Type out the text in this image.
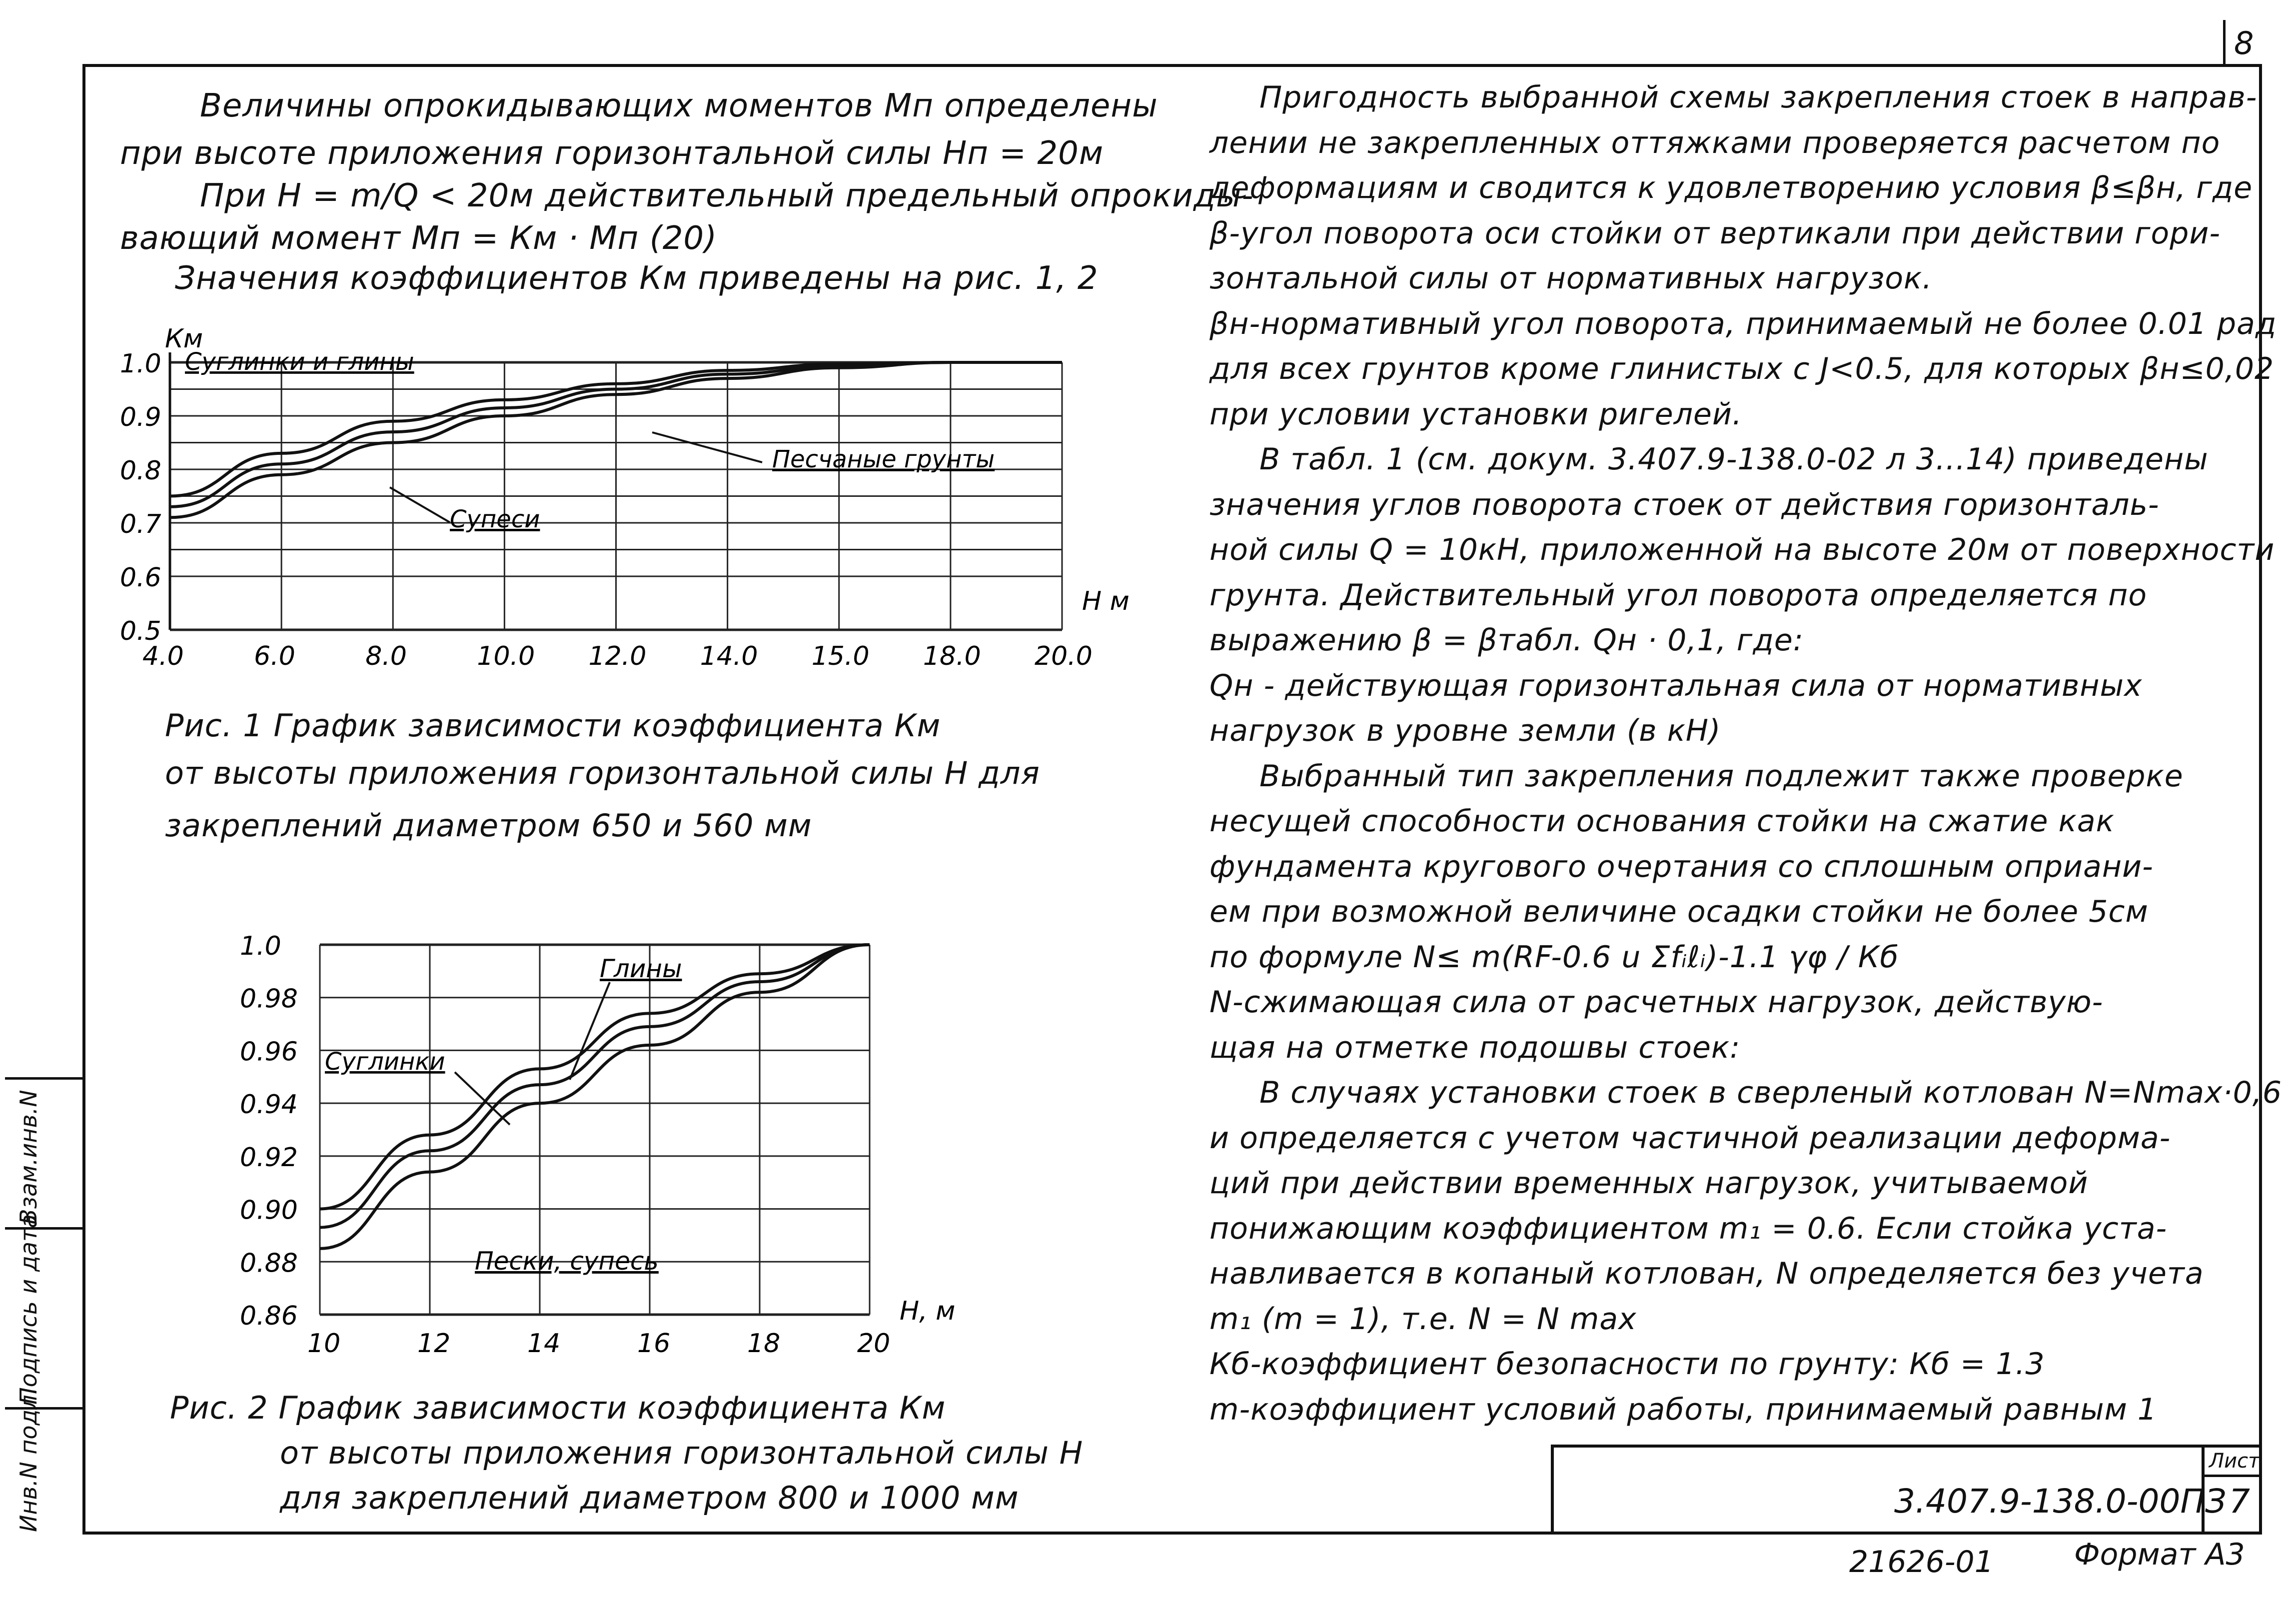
8
Величины опрокидывающих моментов Мп определены
при высоте приложения горизонтальной силы Нп = 20м
При Н = m/Q < 20м действительный предельный опрокиды-
вающий момент Мп = Км · Мп (20)
Значения коэффициентов Км приведены на рис. 1, 2
1.0
0.9
0.8
0.7
0.6
0.5
Км
4.0	6.0	8.0	10.0 12.0 14.0 15.0 18.0 20.0
Н м
Суглинки и глины
Песчаные грунты
Супеси
Рис. 1 График зависимости коэффициента Км
от высоты приложения горизонтальной силы Н для
закреплений диаметром 650 и 560 мм
1.0
0.98
0.96
0.94
0.92
0.90
0.88
0.86
10	12	14	16	18	20
Н, м
Глины
Суглинки
Пески, супесь
Рис. 2 График зависимости коэффициента Км
от высоты приложения горизонтальной силы Н
для закреплений диаметром 800 и 1000 мм
Пригодность выбранной схемы закрепления стоек в направ-
лении не закрепленных оттяжками проверяется расчетом по
деформациям и сводится к удовлетворению условия β≤βн, где
β-угол поворота оси стойки от вертикали при действии гори-
зонтальной силы от нормативных нагрузок.
βн-нормативный угол поворота, принимаемый не более 0.01 рад
для всех грунтов кроме глинистых с J<0.5, для которых βн≤0,02
при условии установки ригелей.
В табл. 1 (см. докум. 3.407.9-138.0-02 л 3...14) приведены
значения углов поворота стоек от действия горизонталь-
ной силы Q = 10кН, приложенной на высоте 20м от поверхности
грунта. Действительный угол поворота определяется по
выражению β = βтабл. Qн · 0,1, где:
Qн - действующая горизонтальная сила от нормативных
нагрузок в уровне земли (в кН)
Выбранный тип закрепления подлежит также проверке
несущей способности основания стойки на сжатие как
фундамента кругового очертания со сплошным оприани-
ем при возможной величине осадки стойки не более 5см
по формуле N≤ m(RF-0.6 u Σfᵢℓᵢ)-1.1 γφ / Кб
N-сжимающая сила от расчетных нагрузок, действую-
щая на отметке подошвы стоек:
В случаях установки стоек в сверленый котлован N=Nmax·0,6
и определяется с учетом частичной реализации деформа-
ций при действии временных нагрузок, учитываемой
понижающим коэффициентом m₁ = 0.6. Если стойка уста-
навливается в копаный котлован, N определяется без учета
m₁ (m = 1), т.е. N = N max
Кб-коэффициент безопасности по грунту: Кб = 1.3
m-коэффициент условий работы, принимаемый равным 1
3.407.9-138.0-00ПЗ
Лист
7
21626-01	Формат А3
Взам.инв.N
Подпись и дата
Инв.N подл.
